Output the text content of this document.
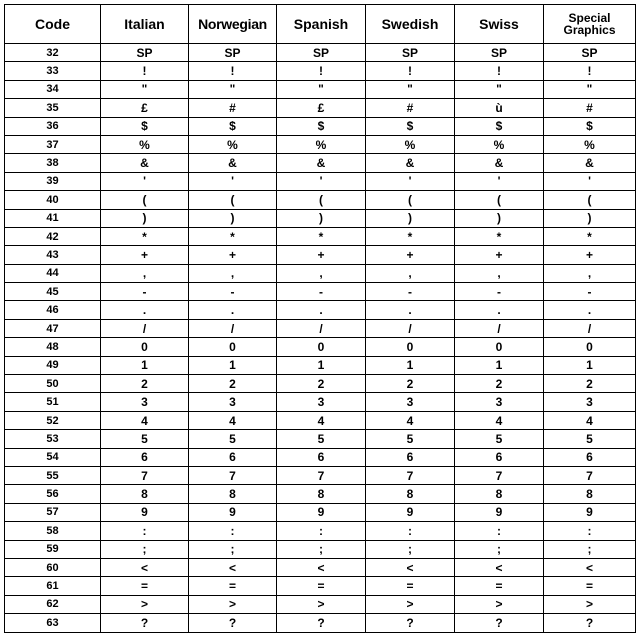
Code	Italian	Norwegian	Spanish	Swedish	Swiss	Special Graphics
32	SP	SP	SP	SP	SP	SP
33	!	!	!	!	!	!
34	"	"	"	"	"	"
35	£	#	£	#	ù	#
36	$	$	$	$	$	$
37	%	%	%	%	%	%
38	&	&	&	&	&	&
39	'	'	'	'	'	'
40	(	(	(	(	(	(
41	)	)	)	)	)	)
42	*	*	*	*	*	*
43	+	+	+	+	+	+
44	,	,	,	,	,	,
45	-	-	-	-	-	-
46	.	.	.	.	.	.
47	/	/	/	/	/	/
48	0	0	0	0	0	0
49	1	1	1	1	1	1
50	2	2	2	2	2	2
51	3	3	3	3	3	3
52	4	4	4	4	4	4
53	5	5	5	5	5	5
54	6	6	6	6	6	6
55	7	7	7	7	7	7
56	8	8	8	8	8	8
57	9	9	9	9	9	9
58	:	:	:	:	:	:
59	;	;	;	;	;	;
60	<	<	<	<	<	<
61	=	=	=	=	=	=
62	>	>	>	>	>	>
63	?	?	?	?	?	?
